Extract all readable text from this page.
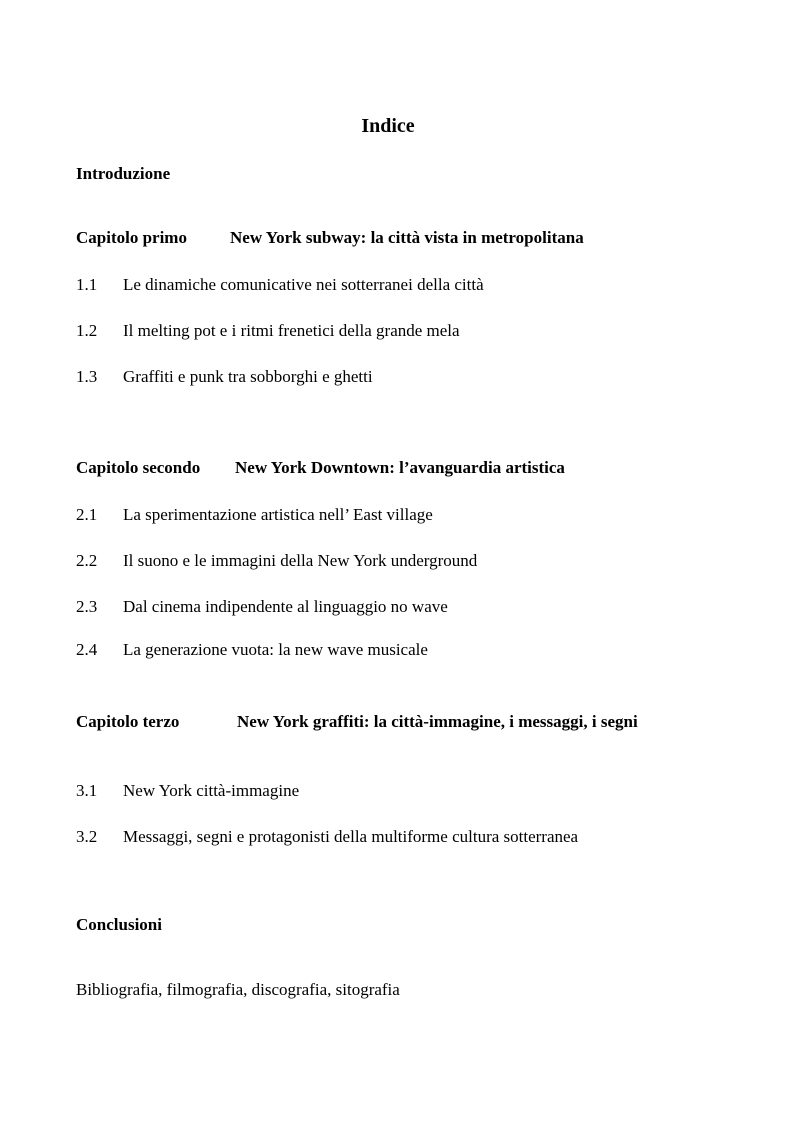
Indice
Introduzione
Capitolo primo	New York subway: la città vista in metropolitana
1.1 Le dinamiche comunicative nei sotterranei della città
1.2 Il melting pot e i ritmi frenetici della grande mela
1.3 Graffiti e punk tra sobborghi e ghetti
Capitolo secondo New York Downtown: l’avanguardia artistica
2.1 La sperimentazione artistica nell’ East village
2.2 Il suono e le immagini della New York underground
2.3 Dal cinema indipendente al linguaggio no wave
2.4 La generazione vuota: la new wave musicale
Capitolo terzo	New York graffiti: la città-immagine, i messaggi, i segni
3.1 New York città-immagine
3.2 Messaggi, segni e protagonisti della multiforme cultura sotterranea
Conclusioni
Bibliografia, filmografia, discografia, sitografia
